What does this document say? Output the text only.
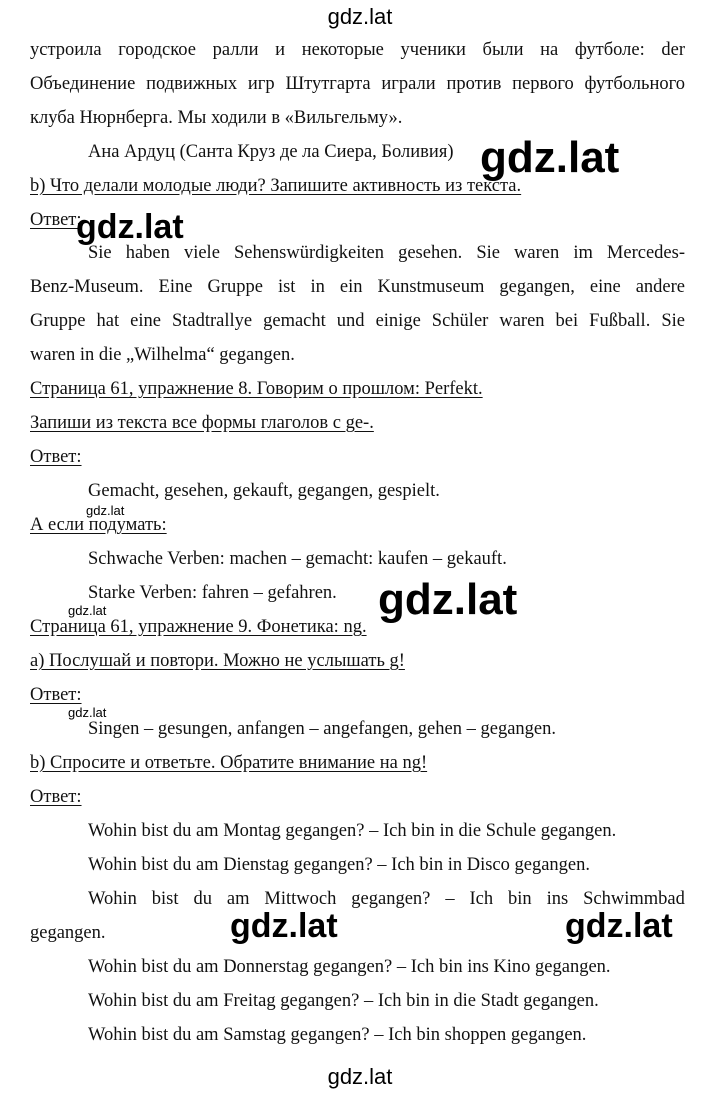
gdz.lat
устроила городское ралли и некоторые ученики были на футболе: der
Объединение подвижных игр Штутгарта играли против первого футбольного
клуба Нюрнберга. Мы ходили в «Вильгельму».
Ана Ардуц (Санта Круз де ла Сиера, Боливия)
b) Что делали молодые люди? Запишите активность из текста.
Ответ:
Sie haben viele Sehenswürdigkeiten gesehen. Sie waren im Mercedes-
Benz-Museum. Eine Gruppe ist in ein Kunstmuseum gegangen, eine andere
Gruppe hat eine Stadtrallye gemacht und einige Schüler waren bei Fußball. Sie
waren in die „Wilhelma“ gegangen.
Страница 61, упражнение 8. Говорим о прошлом: Perfekt.
Запиши из текста все формы глаголов с ge-.
Ответ:
Gemacht, gesehen, gekauft, gegangen, gespielt.
А если подумать:
Schwache Verben: machen – gemacht: kaufen – gekauft.
Starke Verben: fahren – gefahren.
Страница 61, упражнение 9. Фонетика: ng.
a) Послушай и повтори. Можно не услышать g!
Ответ:
Singen – gesungen, anfangen – angefangen, gehen – gegangen.
b) Спросите и ответьте. Обратите внимание на ng!
Ответ:
Wohin bist du am Montag gegangen? – Ich bin in die Schule gegangen.
Wohin bist du am Dienstag gegangen? – Ich bin in Disco gegangen.
Wohin bist du am Mittwoch gegangen? – Ich bin ins Schwimmbad
gegangen.
Wohin bist du am Donnerstag gegangen? – Ich bin ins Kino gegangen.
Wohin bist du am Freitag gegangen? – Ich bin in die Stadt gegangen.
Wohin bist du am Samstag gegangen? – Ich bin shoppen gegangen.
gdz.lat
gdz.lat
gdz.lat
gdz.lat
gdz.lat
gdz.lat
gdz.lat
gdz.lat	gdz.lat
